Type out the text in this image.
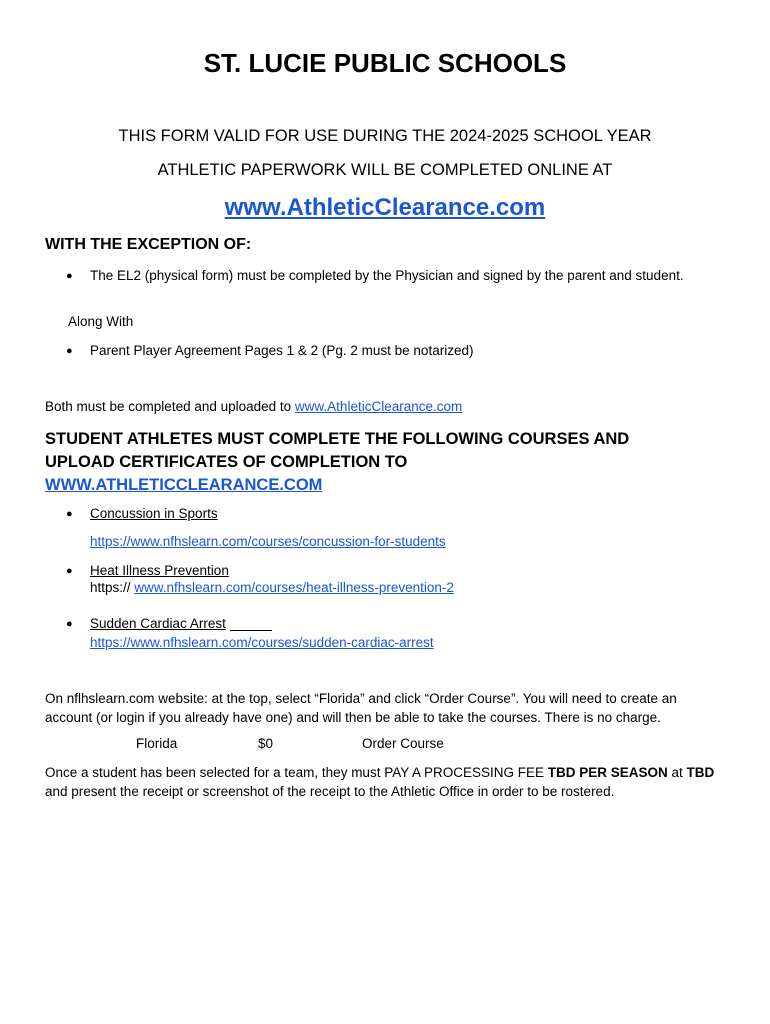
ST. LUCIE PUBLIC SCHOOLS
THIS FORM VALID FOR USE DURING THE 2024-2025 SCHOOL YEAR
ATHLETIC PAPERWORK WILL BE COMPLETED ONLINE AT
www.AthleticClearance.com
WITH THE EXCEPTION OF:
● The EL2 (physical form) must be completed by the Physician and signed by the parent and student.
Along With
● Parent Player Agreement Pages 1 & 2 (Pg. 2 must be notarized)
Both must be completed and uploaded to www.AthleticClearance.com
STUDENT ATHLETES MUST COMPLETE THE FOLLOWING COURSES AND
UPLOAD CERTIFICATES OF COMPLETION TO
WWW.ATHLETICCLEARANCE.COM
● Concussion in Sports
https://www.nfhslearn.com/courses/concussion-for-students
● Heat Illness Prevention
https:// www.nfhslearn.com/courses/heat-illness-prevention-2
● Sudden Cardiac Arrest
https://www.nfhslearn.com/courses/sudden-cardiac-arrest
On nflhslearn.com website: at the top, select “Florida” and click “Order Course”. You will need to create an account (or login if you already have one) and will then be able to take the courses. There is no charge.
Florida	$0	Order Course
Once a student has been selected for a team, they must PAY A PROCESSING FEE TBD PER SEASON at TBD and present the receipt or screenshot of the receipt to the Athletic Office in order to be rostered.
